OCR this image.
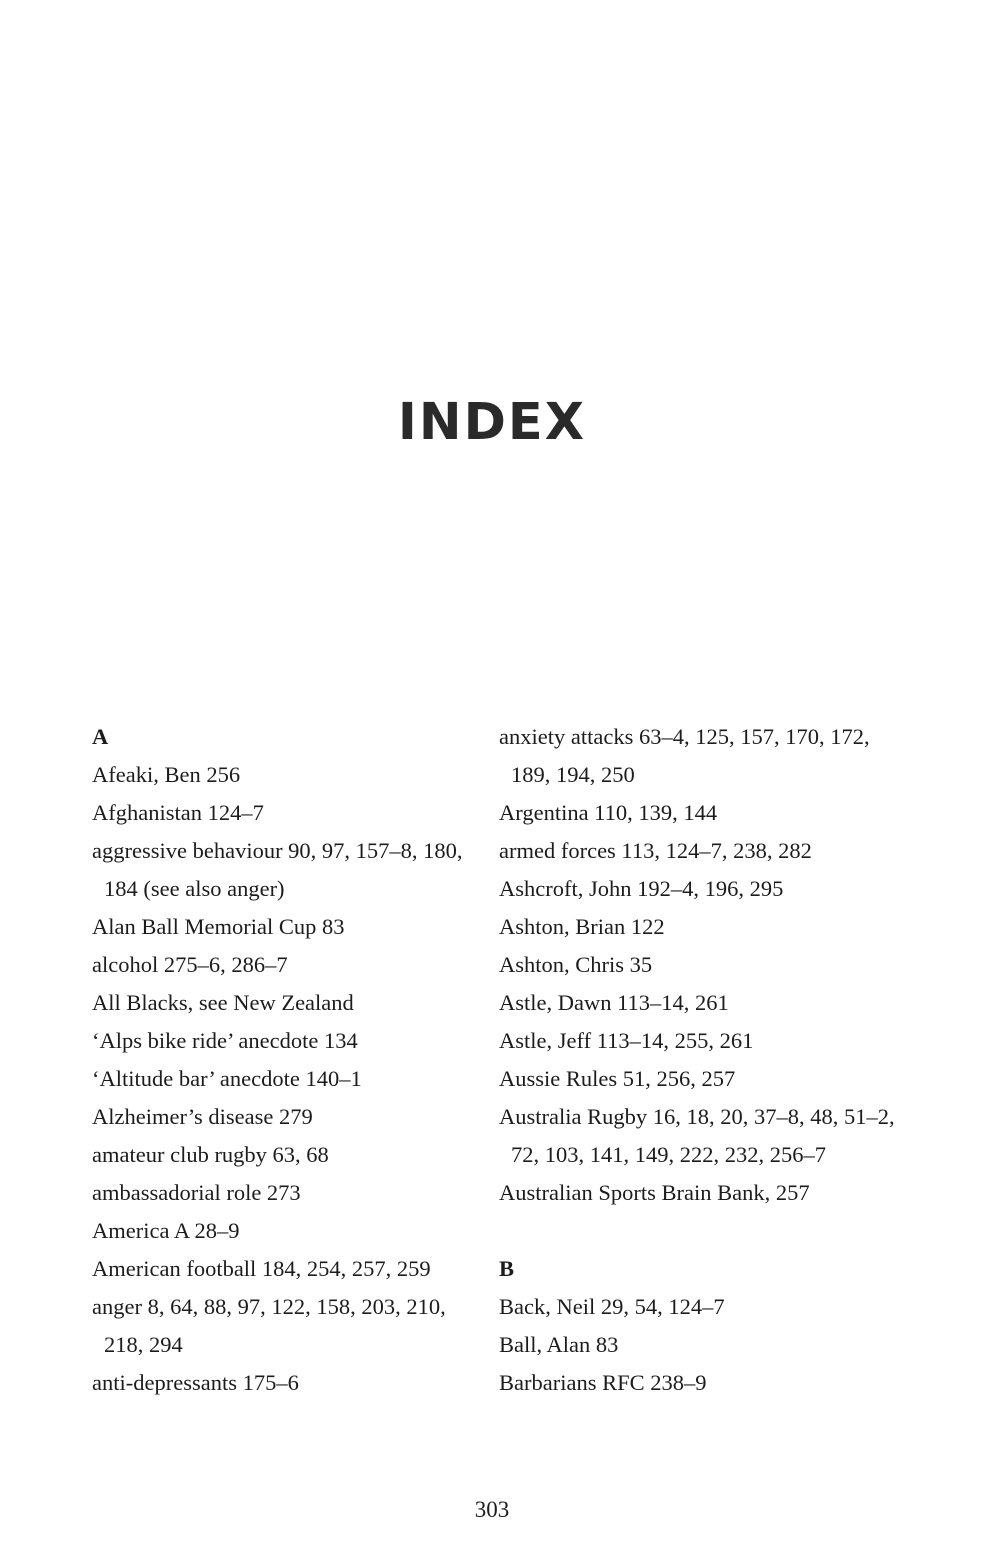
INDEX
A
Afeaki, Ben 256
Afghanistan 124–7
aggressive behaviour 90, 97, 157–8, 180, 184 (see also anger)
Alan Ball Memorial Cup 83
alcohol 275–6, 286–7
All Blacks, see New Zealand
‘Alps bike ride’ anecdote 134
‘Altitude bar’ anecdote 140–1
Alzheimer’s disease 279
amateur club rugby 63, 68
ambassadorial role 273
America A 28–9
American football 184, 254, 257, 259
anger 8, 64, 88, 97, 122, 158, 203, 210, 218, 294
anti-depressants 175–6
anxiety attacks 63–4, 125, 157, 170, 172, 189, 194, 250
Argentina 110, 139, 144
armed forces 113, 124–7, 238, 282
Ashcroft, John 192–4, 196, 295
Ashton, Brian 122
Ashton, Chris 35
Astle, Dawn 113–14, 261
Astle, Jeff 113–14, 255, 261
Aussie Rules 51, 256, 257
Australia Rugby 16, 18, 20, 37–8, 48, 51–2, 72, 103, 141, 149, 222, 232, 256–7
Australian Sports Brain Bank, 257
B
Back, Neil 29, 54, 124–7
Ball, Alan 83
Barbarians RFC 238–9
303
